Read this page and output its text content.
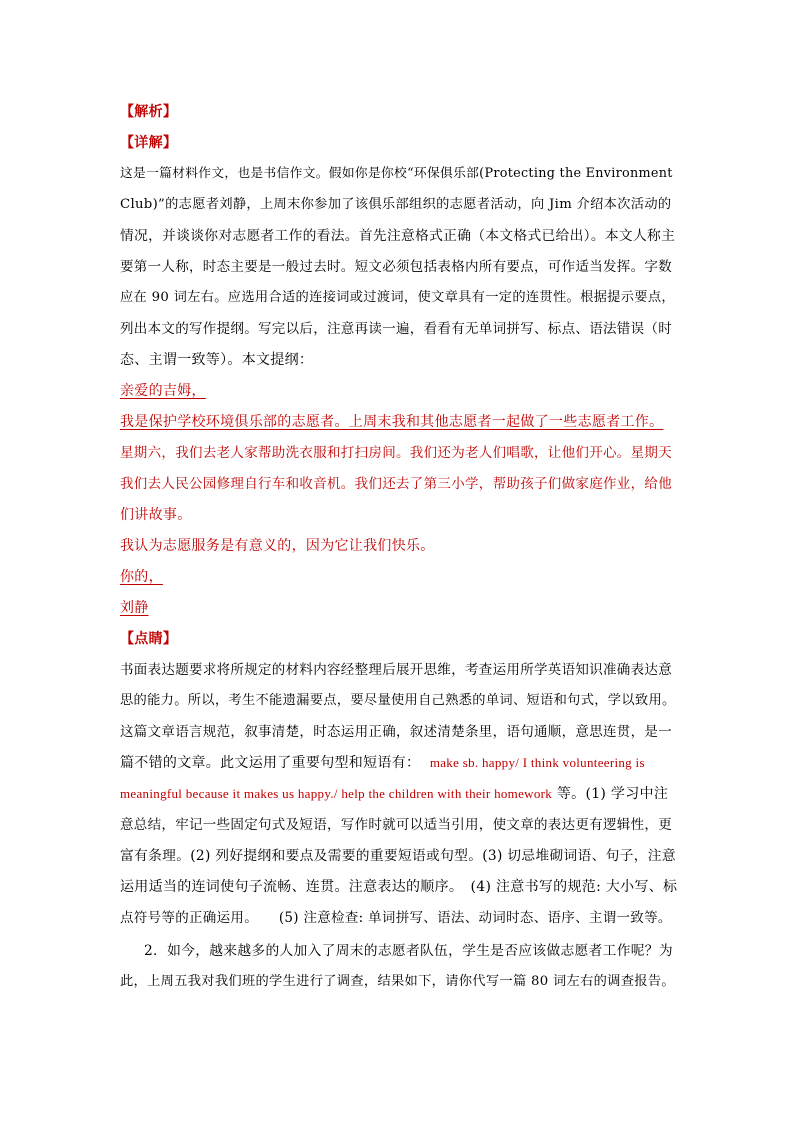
【解析】
【详解】
这是一篇材料作文，也是书信作文。假如你是你校“环保俱乐部(Protecting the Environment
Club)”的志愿者刘静，上周末你参加了该俱乐部组织的志愿者活动，向 Jim 介绍本次活动的
情况，并谈谈你对志愿者工作的看法。首先注意格式正确（本文格式已给出）。本文人称主
要第一人称，时态主要是一般过去时。短文必须包括表格内所有要点，可作适当发挥。字数
应在 90 词左右。应选用合适的连接词或过渡词，使文章具有一定的连贯性。根据提示要点，
列出本文的写作提纲。写完以后，注意再读一遍，看看有无单词拼写、标点、语法错误（时
态、主谓一致等）。本文提纲：
亲爱的吉姆，
我是保护学校环境俱乐部的志愿者。上周末我和其他志愿者一起做了一些志愿者工作。
星期六，我们去老人家帮助洗衣服和打扫房间。我们还为老人们唱歌，让他们开心。星期天
我们去人民公园修理自行车和收音机。我们还去了第三小学，帮助孩子们做家庭作业，给他
们讲故事。
我认为志愿服务是有意义的，因为它让我们快乐。
你的，
刘静
【点睛】
书面表达题要求将所规定的材料内容经整理后展开思维，考查运用所学英语知识准确表达意
思的能力。所以，考生不能遗漏要点，要尽量使用自己熟悉的单词、短语和句式，学以致用。
这篇文章语言规范，叙事清楚，时态运用正确，叙述清楚条里，语句通顺，意思连贯，是一
篇不错的文章。此文运用了重要句型和短语有： make sb. happy/ I think volunteering is
meaningful because it makes us happy./ help the children with their homework 等。(1) 学习中注
意总结，牢记一些固定句式及短语，写作时就可以适当引用，使文章的表达更有逻辑性，更
富有条理。(2) 列好提纲和要点及需要的重要短语或句型。(3) 切忌堆砌词语、句子，注意
运用适当的连词使句子流畅、连贯。注意表达的顺序。　(4) 注意书写的规范: 大小写、标
点符号等的正确运用。　　(5) 注意检查: 单词拼写、语法、动词时态、语序、主谓一致等。
2．如今，越来越多的人加入了周末的志愿者队伍，学生是否应该做志愿者工作呢？为
此，上周五我对我们班的学生进行了调查，结果如下，请你代写一篇 80 词左右的调查报告。
